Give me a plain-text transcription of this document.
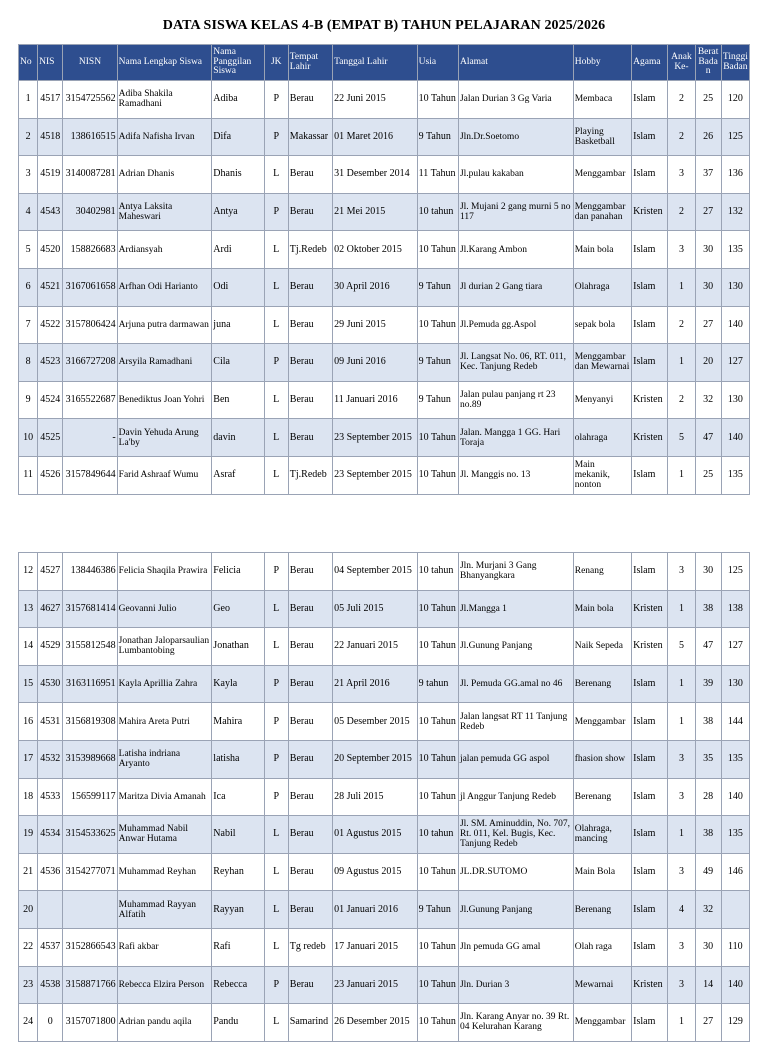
DATA SISWA KELAS 4-B (EMPAT B) TAHUN PELAJARAN 2025/2026
No	NIS	NISN	Nama Lengkap Siswa	Nama Panggilan Siswa	JK	Tempat Lahir	Tanggal Lahir	Usia	Alamat	Hobby	Agama	Anak Ke-	Berat Badan	Tinggi Badan
1	4517	3154725562	Adiba Shakila Ramadhani	Adiba	P	Berau	22 Juni 2015	10 Tahun	Jalan Durian 3 Gg Varia	Membaca	Islam	2	25	120
2	4518	138616515	Adifa Nafisha Irvan	Difa	P	Makassar	01 Maret 2016	9 Tahun	Jln.Dr.Soetomo	Playing Basketball	Islam	2	26	125
3	4519	3140087281	Adrian Dhanis	Dhanis	L	Berau	31 Desember 2014	11 Tahun	Jl.pulau kakaban	Menggambar	Islam	3	37	136
4	4543	30402981	Antya Laksita Maheswari	Antya	P	Berau	21 Mei 2015	10 tahun	Jl. Mujani 2 gang murni 5 no 117	Menggambar dan panahan	Kristen	2	27	132
5	4520	158826683	Ardiansyah	Ardi	L	Tj.Redeb	02 Oktober 2015	10 Tahun	Jl.Karang Ambon	Main bola	Islam	3	30	135
6	4521	3167061658	Arfhan Odi Harianto	Odi	L	Berau	30 April 2016	9 Tahun	Jl durian 2 Gang tiara	Olahraga	Islam	1	30	130
7	4522	3157806424	Arjuna putra darmawan	juna	L	Berau	29 Juni 2015	10 Tahun	Jl.Pemuda gg.Aspol	sepak bola	Islam	2	27	140
8	4523	3166727208	Arsyila Ramadhani	Cila	P	Berau	09 Juni 2016	9 Tahun	Jl. Langsat No. 06, RT. 011, Kec. Tanjung Redeb	Menggambar dan Mewarnai	Islam	1	20	127
9	4524	3165522687	Benediktus Joan Yohri	Ben	L	Berau	11 Januari 2016	9 Tahun	Jalan pulau panjang rt 23 no.89	Menyanyi	Kristen	2	32	130
10	4525	-	Davin Yehuda Arung La'by	davin	L	Berau	23 September 2015	10 Tahun	Jalan. Mangga 1 GG. Hari Toraja	olahraga	Kristen	5	47	140
11	4526	3157849644	Farid Ashraaf Wumu	Asraf	L	Tj.Redeb	23 September 2015	10 Tahun	Jl. Manggis no. 13	Main mekanik, nonton	Islam	1	25	135
12	4527	138446386	Felicia Shaqila Prawira	Felicia	P	Berau	04 September 2015	10 tahun	Jln. Murjani 3 Gang Bhanyangkara	Renang	Islam	3	30	125
13	4627	3157681414	Geovanni Julio	Geo	L	Berau	05 Juli 2015	10 Tahun	Jl.Mangga 1	Main bola	Kristen	1	38	138
14	4529	3155812548	Jonathan Jaloparsaulian Lumbantobing	Jonathan	L	Berau	22 Januari 2015	10 Tahun	Jl.Gunung Panjang	Naik Sepeda	Kristen	5	47	127
15	4530	3163116951	Kayla Aprillia Zahra	Kayla	P	Berau	21 April 2016	9 tahun	Jl. Pemuda GG.amal no 46	Berenang	Islam	1	39	130
16	4531	3156819308	Mahira Areta Putri	Mahira	P	Berau	05 Desember 2015	10 Tahun	Jalan langsat RT 11 Tanjung Redeb	Menggambar	Islam	1	38	144
17	4532	3153989668	Latisha indriana Aryanto	latisha	P	Berau	20 September 2015	10 Tahun	jalan pemuda GG aspol	fhasion show	Islam	3	35	135
18	4533	156599117	Maritza Divia Amanah	Ica	P	Berau	28 Juli 2015	10 Tahun	jl Anggur Tanjung Redeb	Berenang	Islam	3	28	140
19	4534	3154533625	Muhammad Nabil Anwar Hutama	Nabil	L	Berau	01 Agustus 2015	10 tahun	Jl. SM. Aminuddin, No. 707, Rt. 011, Kel. Bugis, Kec. Tanjung Redeb	Olahraga, mancing	Islam	1	38	135
21	4536	3154277071	Muhammad Reyhan	Reyhan	L	Berau	09 Agustus 2015	10 Tahun	JL.DR.SUTOMO	Main Bola	Islam	3	49	146
20			Muhammad Rayyan Alfatih	Rayyan	L	Berau	01 Januari 2016	9 Tahun	Jl.Gunung Panjang	Berenang	Islam	4	32	
22	4537	3152866543	Rafi akbar	Rafi	L	Tg redeb	17 Januari 2015	10 Tahun	Jln pemuda GG amal	Olah raga	Islam	3	30	110
23	4538	3158871766	Rebecca Elzira Person	Rebecca	P	Berau	23 Januari 2015	10 Tahun	Jln. Durian 3	Mewarnai	Kristen	3	14	140
24	0	3157071800	Adrian pandu aqila	Pandu	L	Samarind	26 Desember 2015	10 Tahun	Jln. Karang Anyar no. 39 Rt. 04 Kelurahan Karang	Menggambar	Islam	1	27	129
